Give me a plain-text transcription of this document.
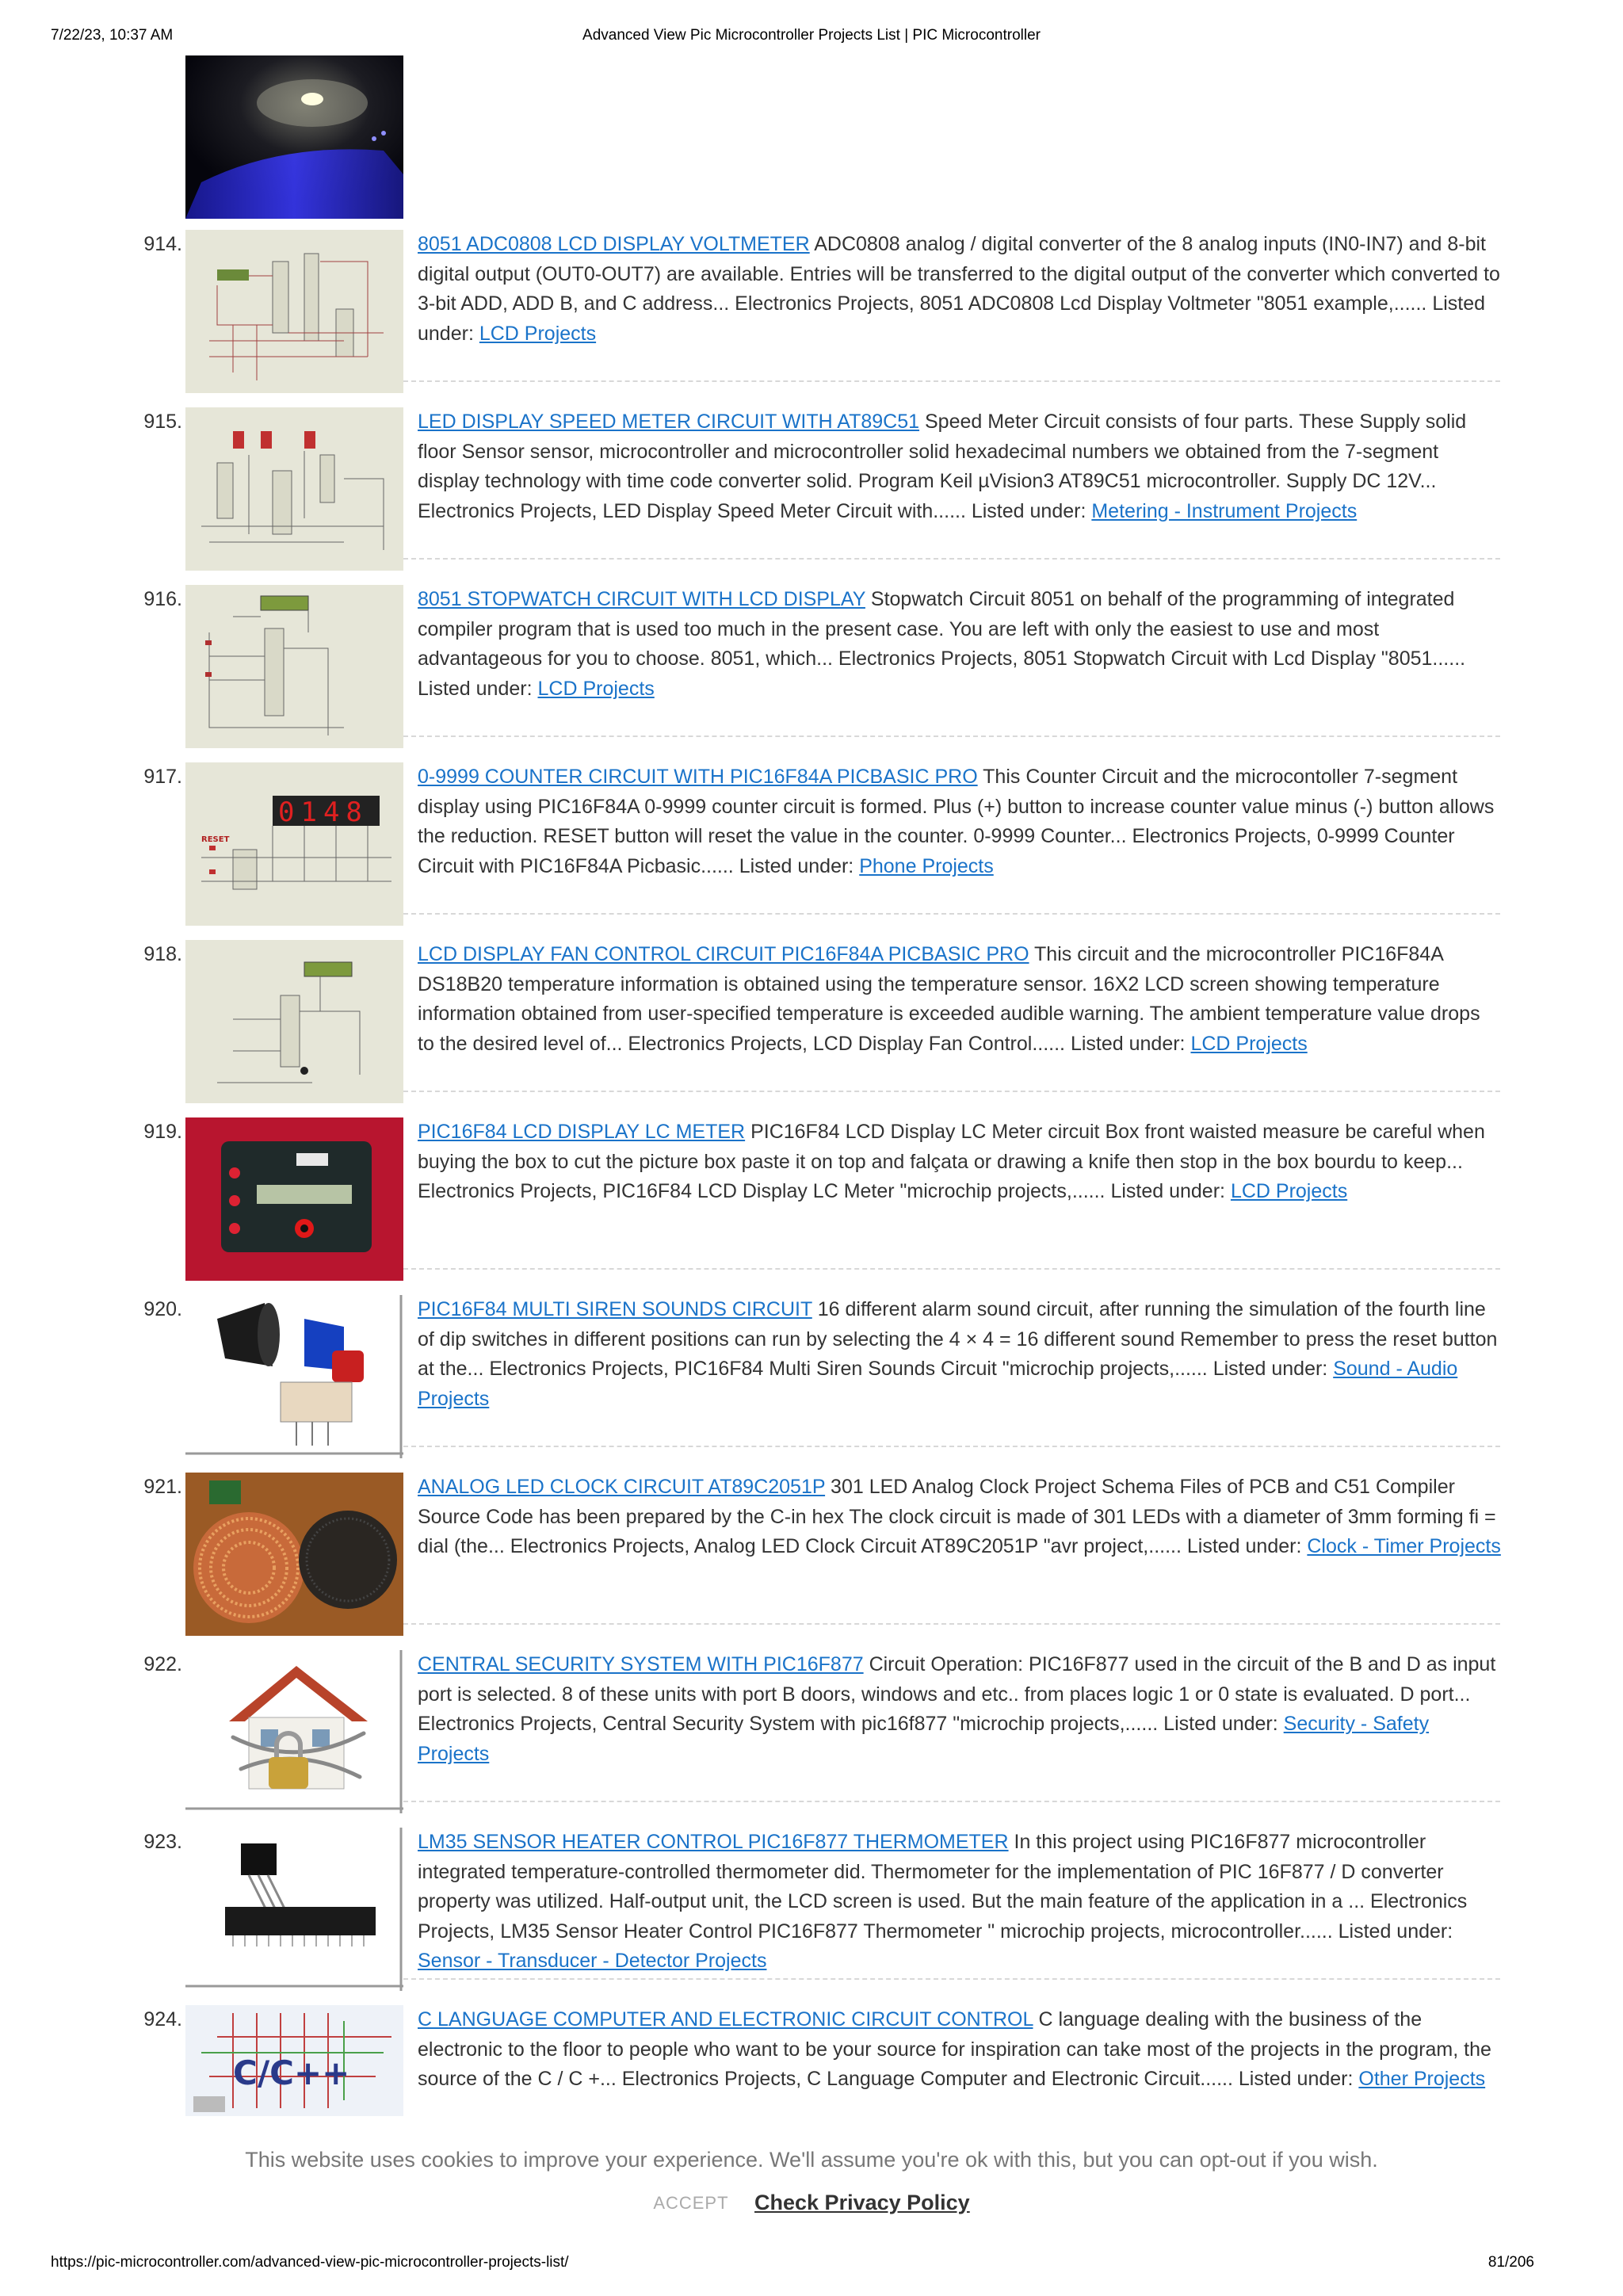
7/22/23, 10:37 AM	Advanced View Pic Microcontroller Projects List | PIC Microcontroller
914.	8051 ADC0808 LCD DISPLAY VOLTMETER ADC0808 analog / digital converter of the 8 analog inputs (IN0-IN7) and 8-bit digital output (OUT0-OUT7) are available. Entries will be transferred to the digital output of the converter which converted to 3-bit ADD, ADD B, and C address... Electronics Projects, 8051 ADC0808 Lcd Display Voltmeter "8051 example,...... Listed under: LCD Projects
915.	LED DISPLAY SPEED METER CIRCUIT WITH AT89C51 Speed Meter Circuit consists of four parts. These Supply solid floor Sensor sensor, microcontroller and microcontroller solid hexadecimal numbers we obtained from the 7-segment display technology with time code converter solid. Program Keil µVision3 AT89C51 microcontroller. Supply DC 12V... Electronics Projects, LED Display Speed Meter Circuit with...... Listed under: Metering - Instrument Projects
916.	8051 STOPWATCH CIRCUIT WITH LCD DISPLAY Stopwatch Circuit 8051 on behalf of the programming of integrated compiler program that is used too much in the present case. You are left with only the easiest to use and most advantageous for you to choose. 8051, which... Electronics Projects, 8051 Stopwatch Circuit with Lcd Display "8051...... Listed under: LCD Projects
917.
0148
RESET
0-9999 COUNTER CIRCUIT WITH PIC16F84A PICBASIC PRO This Counter Circuit and the microcontoller 7-segment display using PIC16F84A 0-9999 counter circuit is formed. Plus (+) button to increase counter value minus (-) button allows the reduction. RESET button will reset the value in the counter. 0-9999 Counter... Electronics Projects, 0-9999 Counter Circuit with PIC16F84A Picbasic...... Listed under: Phone Projects
918.	LCD DISPLAY FAN CONTROL CIRCUIT PIC16F84A PICBASIC PRO This circuit and the microcontroller PIC16F84A DS18B20 temperature information is obtained using the temperature sensor. 16X2 LCD screen showing temperature information obtained from user-specified temperature is exceeded audible warning. The ambient temperature value drops to the desired level of... Electronics Projects, LCD Display Fan Control...... Listed under: LCD Projects
919.	PIC16F84 LCD DISPLAY LC METER PIC16F84 LCD Display LC Meter circuit Box front waisted measure be careful when buying the box to cut the picture box paste it on top and falçata or drawing a knife then stop in the box bourdu to keep... Electronics Projects, PIC16F84 LCD Display LC Meter "microchip projects,...... Listed under: LCD Projects
920.	PIC16F84 MULTI SIREN SOUNDS CIRCUIT 16 different alarm sound circuit, after running the simulation of the fourth line of dip switches in different positions can run by selecting the 4 × 4 = 16 different sound Remember to press the reset button at the... Electronics Projects, PIC16F84 Multi Siren Sounds Circuit "microchip projects,...... Listed under: Sound - Audio Projects
921.	ANALOG LED CLOCK CIRCUIT AT89C2051P 301 LED Analog Clock Project Schema Files of PCB and C51 Compiler Source Code has been prepared by the C-in hex The clock circuit is made of 301 LEDs with a diameter of 3mm forming fi = dial (the... Electronics Projects, Analog LED Clock Circuit AT89C2051P "avr project,...... Listed under: Clock - Timer Projects
922.	CENTRAL SECURITY SYSTEM WITH PIC16F877 Circuit Operation: PIC16F877 used in the circuit of the B and D as input port is selected. 8 of these units with port B doors, windows and etc.. from places logic 1 or 0 state is evaluated. D port... Electronics Projects, Central Security System with pic16f877 "microchip projects,...... Listed under: Security - Safety Projects
923.	LM35 SENSOR HEATER CONTROL PIC16F877 THERMOMETER In this project using PIC16F877 microcontroller integrated temperature-controlled thermometer did. Thermometer for the implementation of PIC 16F877 / D converter property was utilized. Half-output unit, the LCD screen is used. But the main feature of the application in a ... Electronics Projects, LM35 Sensor Heater Control PIC16F877 Thermometer " microchip projects, microcontroller...... Listed under: Sensor - Transducer - Detector Projects
924.
C/C++
C LANGUAGE COMPUTER AND ELECTRONIC CIRCUIT CONTROL C language dealing with the business of the electronic to the floor to people who want to be your source for inspiration can take most of the projects in the program, the source of the C / C +... Electronics Projects, C Language Computer and Electronic Circuit...... Listed under: Other Projects
This website uses cookies to improve your experience. We'll assume you're ok with this, but you can opt-out if you wish.
ACCEPT Check Privacy Policy
https://pic-microcontroller.com/advanced-view-pic-microcontroller-projects-list/	81/206
